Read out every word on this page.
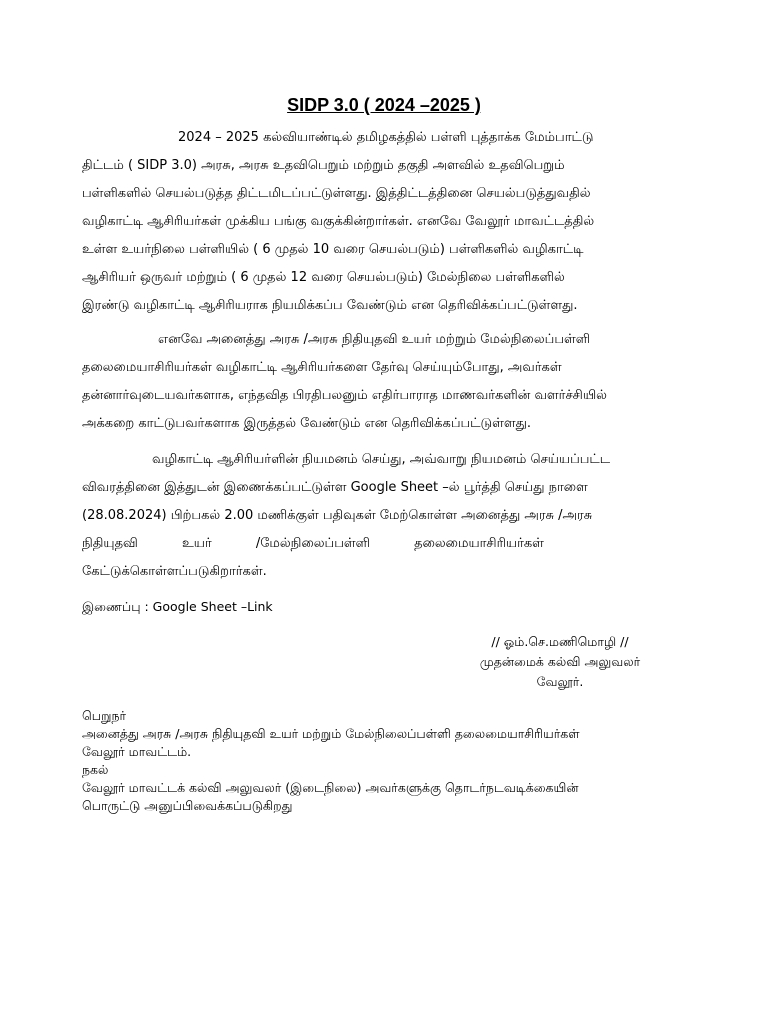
SIDP 3.0 ( 2024 –2025 )
2024 – 2025 கல்வியாண்டில் தமிழகத்தில் பள்ளி புத்தாக்க மேம்பாட்டு
திட்டம் ( SIDP 3.0) அரசு, அரசு உதவிபெறும் மற்றும் தகுதி அளவில் உதவிபெறும்
பள்ளிகளில் செயல்படுத்த திட்டமிடப்பட்டுள்ளது. இத்திட்டத்தினை செயல்படுத்துவதில்
வழிகாட்டி ஆசிரியர்கள் முக்கிய பங்கு வகுக்கின்றார்கள். எனவே வேலூர் மாவட்டத்தில்
உள்ள உயர்நிலை பள்ளியில் ( 6 முதல் 10 வரை செயல்படும்) பள்ளிகளில் வழிகாட்டி
ஆசிரியர் ஒருவர் மற்றும் ( 6 முதல் 12 வரை செயல்படும்) மேல்நிலை பள்ளிகளில்
இரண்டு வழிகாட்டி ஆசிரியராக நியமிக்கப்ப வேண்டும் என தெரிவிக்கப்பட்டுள்ளது.
எனவே அனைத்து அரசு /அரசு நிதியுதவி உயர் மற்றும் மேல்நிலைப்பள்ளி
தலைமையாசிரியர்கள் வழிகாட்டி ஆசிரியர்களை தேர்வு செய்யும்போது, அவர்கள்
தன்னார்வுடையவர்களாக, எந்தவித பிரதிபலனும் எதிர்பாராத மாணவர்களின் வளர்ச்சியில்
அக்கறை காட்டுபவர்களாக இருத்தல் வேண்டும் என தெரிவிக்கப்பட்டுள்ளது.
வழிகாட்டி ஆசிரியர்ளின் நியமனம் செய்து, அவ்வாறு நியமனம் செய்யப்பட்ட
விவரத்தினை இத்துடன் இணைக்கப்பட்டுள்ள Google Sheet –ல் பூர்த்தி செய்து நாளை
(28.08.2024) பிற்பகல் 2.00 மணிக்குள் பதிவுகள் மேற்கொள்ள அனைத்து அரசு /அரசு
நிதியுதவி உயர் /மேல்நிலைப்பள்ளி தலைமையாசிரியர்கள்
கேட்டுக்கொள்ளப்படுகிறார்கள்.
இணைப்பு : Google Sheet –Link
// ஓம்.செ.மணிமொழி //
முதன்மைக் கல்வி அலுவலர்
வேலூர்.
பெறுநர்
அனைத்து அரசு /அரசு நிதியுதவி உயர் மற்றும் மேல்நிலைப்பள்ளி தலைமையாசிரியர்கள்
வேலூர் மாவட்டம்.
நகல்
வேலூர் மாவட்டக் கல்வி அலுவலர் (இடைநிலை) அவர்களுக்கு தொடர்நடவடிக்கையின்
பொருட்டு அனுப்பிவைக்கப்படுகிறது
